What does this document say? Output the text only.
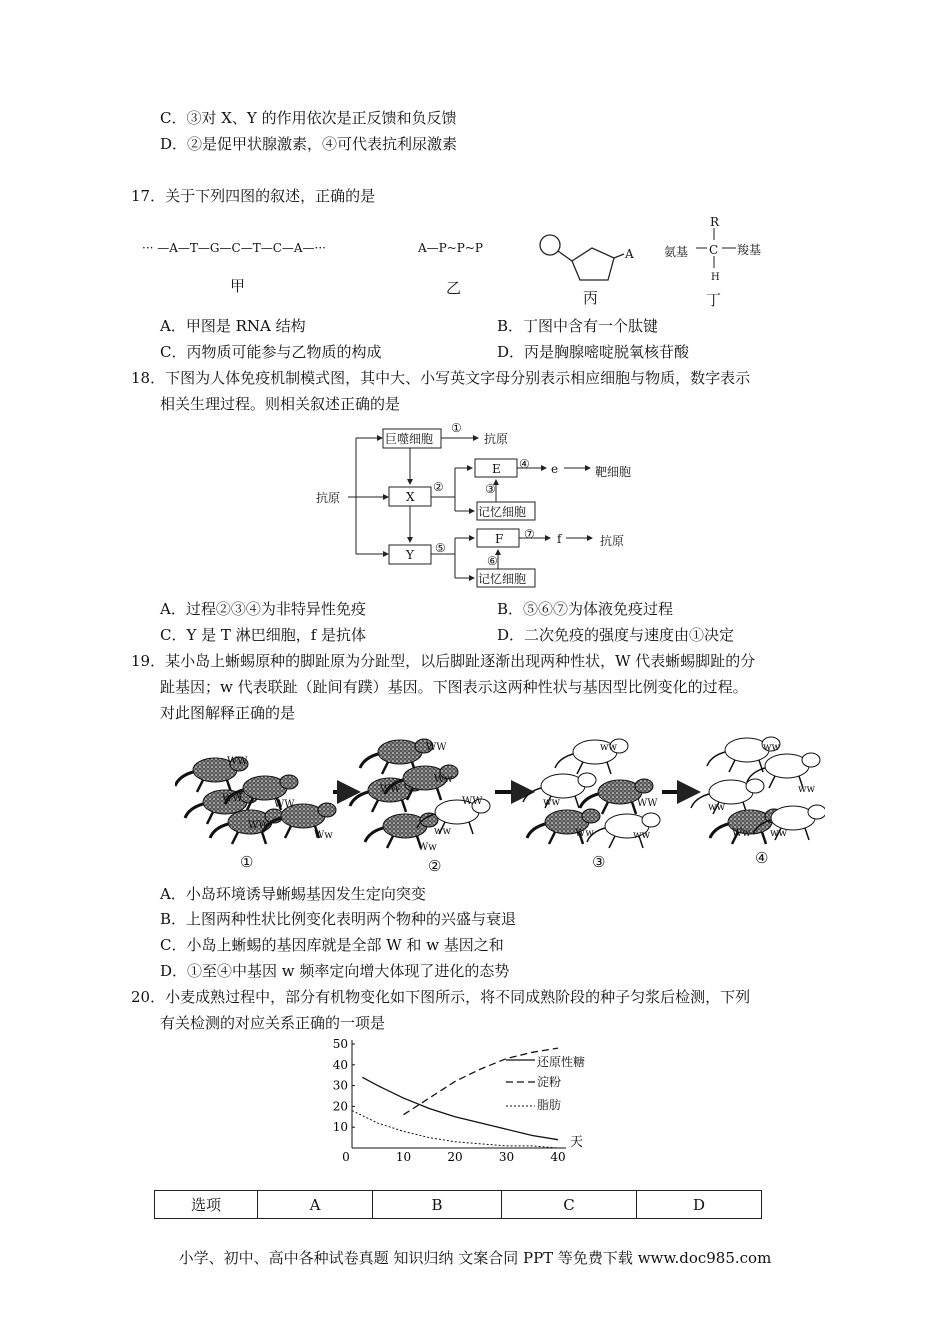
C．③对 X、Y 的作用依次是正反馈和负反馈
D．②是促甲状腺激素，④可代表抗利尿激素
17．关于下列四图的叙述，正确的是
··· —A—T—G—C—T—C—A—···
甲
A—P~P~P
乙
A
丙
R
氨基 C 羧基
H
丁
A．甲图是 RNA 结构	B．丁图中含有一个肽键
C．丙物质可能参与乙物质的构成	D．丙是胸腺嘧啶脱氧核苷酸
18．下图为人体免疫机制模式图，其中大、小写英文字母分别表示相应细胞与物质，数字表示
相关生理过程。则相关叙述正确的是
抗原
巨噬细胞
①
抗原
X
②
E ④ e	靶细胞
③
记忆细胞
Y ⑤
F ⑦ f	抗原
⑥
记忆细胞
A．过程②③④为非特异性免疫	B．⑤⑥⑦为体液免疫过程
C．Y 是 T 淋巴细胞，f 是抗体	D．二次免疫的强度与速度由①决定
19．某小岛上蜥蜴原种的脚趾原为分趾型，以后脚趾逐渐出现两种性状，W 代表蜥蜴脚趾的分
趾基因；w 代表联趾（趾间有蹼）基因。下图表示这两种性状与基因型比例变化的过程。
对此图解释正确的是
WW
WW
WW
WW
Ww
WW
WW
Ww
WW
ww
Ww
ww
ww	WW
Ww	ww
ww
ww
ww
Ww ww
①	②	③	④
A．小岛环境诱导蜥蜴基因发生定向突变
B．上图两种性状比例变化表明两个物种的兴盛与衰退
C．小岛上蜥蜴的基因库就是全部 W 和 w 基因之和
D．①至④中基因 w 频率定向增大体现了进化的态势
20．小麦成熟过程中，部分有机物变化如下图所示，将不同成熟阶段的种子匀浆后检测，下列
有关检测的对应关系正确的一项是
0	10	20	30	40
50
40
30
20
10
天
还原性糖
淀粉
脂肪
选项	A	B	C	D
小学、初中、高中各种试卷真题 知识归纳 文案合同 PPT 等免费下载 www.doc985.com
